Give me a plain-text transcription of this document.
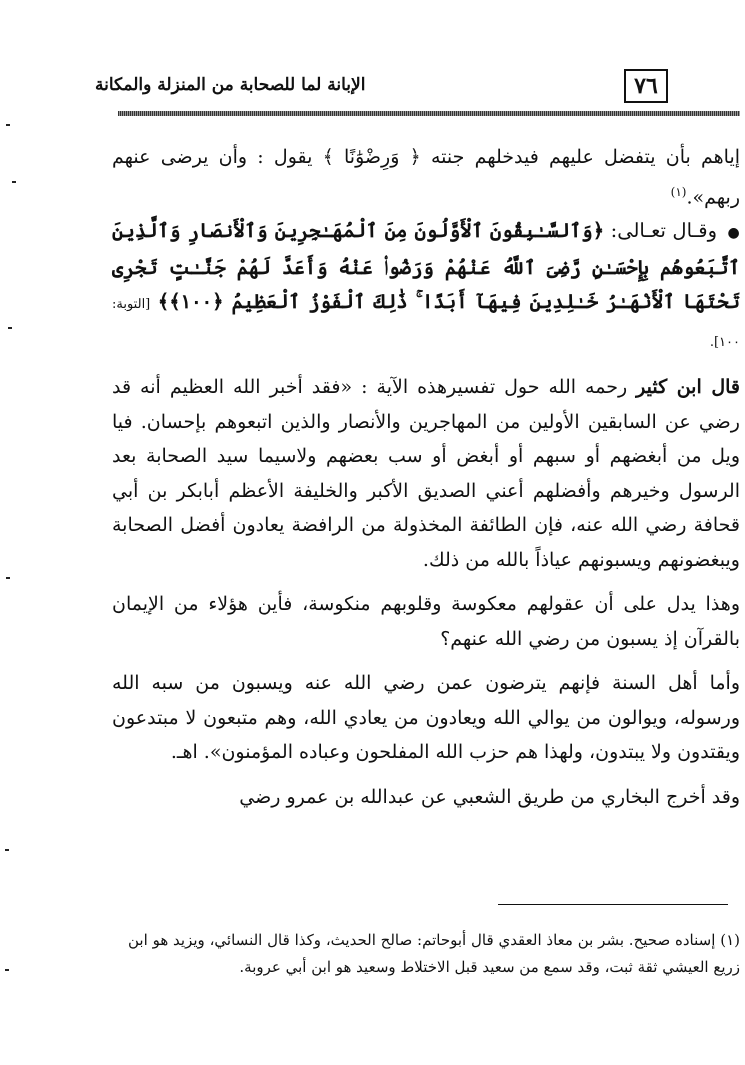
٧٦
الإبانة لما للصحابة من المنزلة والمكانة

إياهم بأن يتفضل عليهم فيدخلهم جنته ﴿ وَرِضْوَٰنًا ﴾ يقول : وأن يرضى عنهم ربهم».$^{(١)}$

● وقـال تعـالى: ﴿وَٱلسَّـٰبِقُونَ ٱلْأَوَّلُونَ مِنَ ٱلْمُهَـٰجِرِينَ وَٱلْأَنصَارِ وَٱلَّذِينَ ٱتَّبَعُوهُم بِإِحْسَـٰنٍ رَّضِىَ ٱللَّهُ عَنْهُمْ وَرَضُوا۟ عَنْهُ وَأَعَدَّ لَهُمْ جَنَّـٰتٍ تَجْرِى تَحْتَهَا ٱلْأَنْهَـٰرُ خَـٰلِدِينَ فِيهَآ أَبَدًا ۚ ذَٰلِكَ ٱلْفَوْزُ ٱلْعَظِيمُ ﴿١٠٠﴾﴾ [التوبة: ١٠٠].

قال ابن كثير رحمه الله حول تفسيرهذه الآية : «فقد أخبر الله العظيم أنه قد رضي عن السابقين الأولين من المهاجرين والأنصار والذين اتبعوهم بإحسان. فيا ويل من أبغضهم أو سبهم أو أبغض أو سب بعضهم ولاسيما سيد الصحابة بعد الرسول وخيرهم وأفضلهم أعني الصديق الأكبر والخليفة الأعظم أبابكر بن أبي قحافة رضي الله عنه، فإن الطائفة المخذولة من الرافضة يعادون أفضل الصحابة ويبغضونهم ويسبونهم عياذاً بالله من ذلك.

وهذا يدل على أن عقولهم معكوسة وقلوبهم منكوسة، فأين هؤلاء من الإيمان بالقرآن إذ يسبون من رضي الله عنهم؟

وأما أهل السنة فإنهم يترضون عمن رضي الله عنه ويسبون من سبه الله ورسوله، ويوالون من يوالي الله ويعادون من يعادي الله، وهم متبعون لا مبتدعون ويقتدون ولا يبتدون، ولهذا هم حزب الله المفلحون وعباده المؤمنون». اهـ.

وقد أخرج البخاري من طريق الشعبي عن عبدالله بن عمرو رضي

(١) إسناده صحيح. بشر بن معاذ العقدي قال أبوحاتم: صالح الحديث، وكذا قال النسائي، ويزيد هو ابن زريع العيشي ثقة ثبت، وقد سمع من سعيد قبل الاختلاط وسعيد هو ابن أبي عروبة.
